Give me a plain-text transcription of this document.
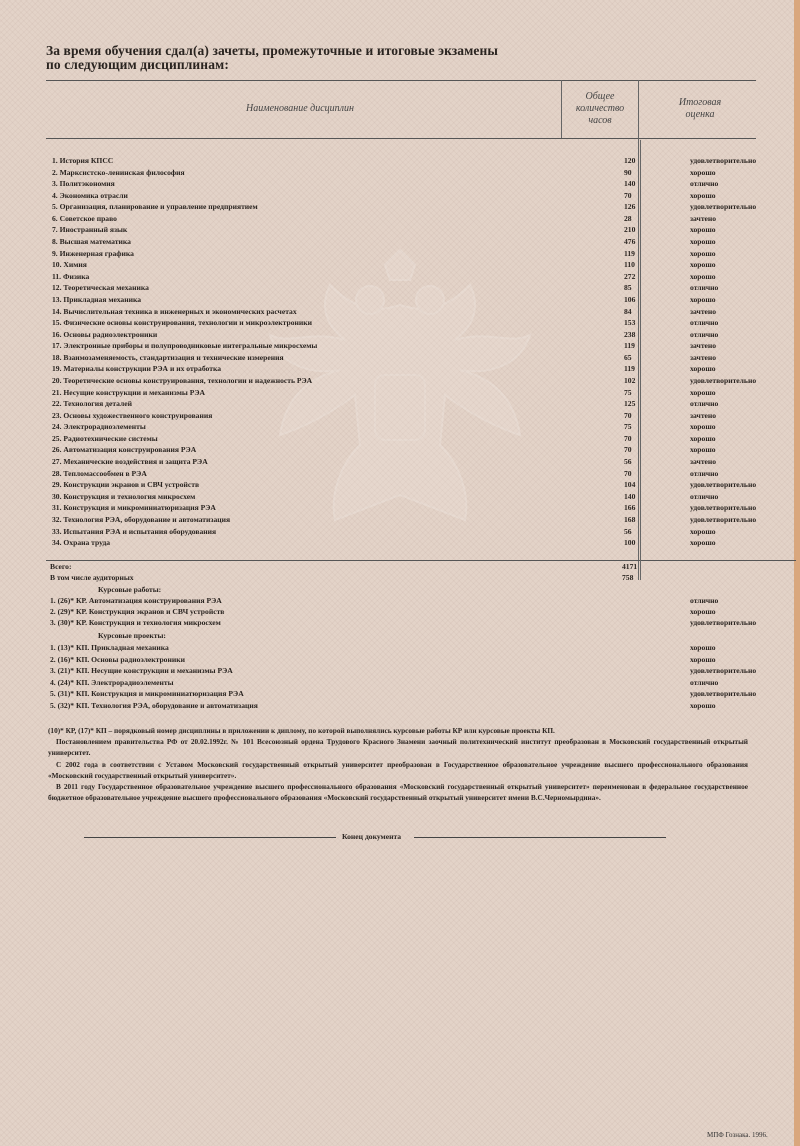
За время обучения сдал(а) зачеты, промежуточные и итоговые экзамены
по следующим дисциплинам:
Наименование дисциплин
Общее
количество
часов
Итоговая
оценка
1. История КПСС	120	удовлетворительно
2. Марксистско-ленинская философия	90	хорошо
3. Политэкономия	140	отлично
4. Экономика отрасли	70	хорошо
5. Организация, планирование и управление предприятием	126	удовлетворительно
6. Советское право	28	зачтено
7. Иностранный язык	210	хорошо
8. Высшая математика	476	хорошо
9. Инженерная графика	119	хорошо
10. Химия	110	хорошо
11. Физика	272	хорошо
12. Теоретическая механика	85	отлично
13. Прикладная механика	106	хорошо
14. Вычислительная техника в инженерных и экономических расчетах	84	зачтено
15. Физические основы конструирования, технологии и микроэлектроники	153	отлично
16. Основы радиоэлектроники	238	отлично
17. Электронные приборы и полупроводниковые интегральные микросхемы	119	зачтено
18. Взаимозаменяемость, стандартизация и технические измерения	65	зачтено
19. Материалы конструкции РЭА и их отработка	119	хорошо
20. Теоретические основы конструирования, технологии и надежность РЭА	102	удовлетворительно
21. Несущие конструкции и механизмы РЭА	75	хорошо
22. Технология деталей	125	отлично
23. Основы художественного конструирования	70	зачтено
24. Электрорадиоэлементы	75	хорошо
25. Радиотехнические системы	70	хорошо
26. Автоматизация конструирования РЭА	70	хорошо
27. Механические воздействия и защита РЭА	56	зачтено
28. Тепломассообмен в РЭА	70	отлично
29. Конструкции экранов и СВЧ устройств	104	удовлетворительно
30. Конструкция и технология микросхем	140	отлично
31. Конструкция и микроминиатюризация РЭА	166	удовлетворительно
32. Технология РЭА, оборудование и автоматизация	168	удовлетворительно
33. Испытания РЭА и испытания оборудования	56	хорошо
34. Охрана труда	100	хорошо
Всего:	4171
В том числе аудиторных	758
Курсовые работы:
1. (26)* КР. Автоматизация конструирования РЭА	отлично
2. (29)* КР. Конструкция экранов и СВЧ устройств	хорошо
3. (30)* КР. Конструкция и технология микросхем	удовлетворительно
Курсовые проекты:
1. (13)* КП. Прикладная механика	хорошо
2. (16)* КП. Основы радиоэлектроники	хорошо
3. (21)* КП. Несущие конструкции и механизмы РЭА	удовлетворительно
4. (24)* КП. Электрорадиоэлементы	отлично
5. (31)* КП. Конструкция и микроминиатюризация РЭА	удовлетворительно
5. (32)* КП. Технология РЭА, оборудование и автоматизация	хорошо
(10)* КР, (17)* КП – порядковый номер дисциплины в приложении к диплому, по которой выполнялись курсовые работы КР или курсовые проекты КП.
Постановлением правительства РФ от 20.02.1992г. № 101 Всесоюзный ордена Трудового Красного Знамени заочный политехнический институт преобразован в Московский государственный открытый университет.
С 2002 года в соответствии с Уставом Московский государственный открытый университет преобразован в Государственное образовательное учреждение высшего профессионального образования «Московский государственный открытый университет».
В 2011 году Государственное образовательное учреждение высшего профессионального образования «Московский государственный открытый университет» переименован в федеральное государственное бюджетное образовательное учреждение высшего профессионального образования «Московский государственный открытый университет имени В.С.Черномырдина».
Конец документа
МПФ Гознака. 1996.
